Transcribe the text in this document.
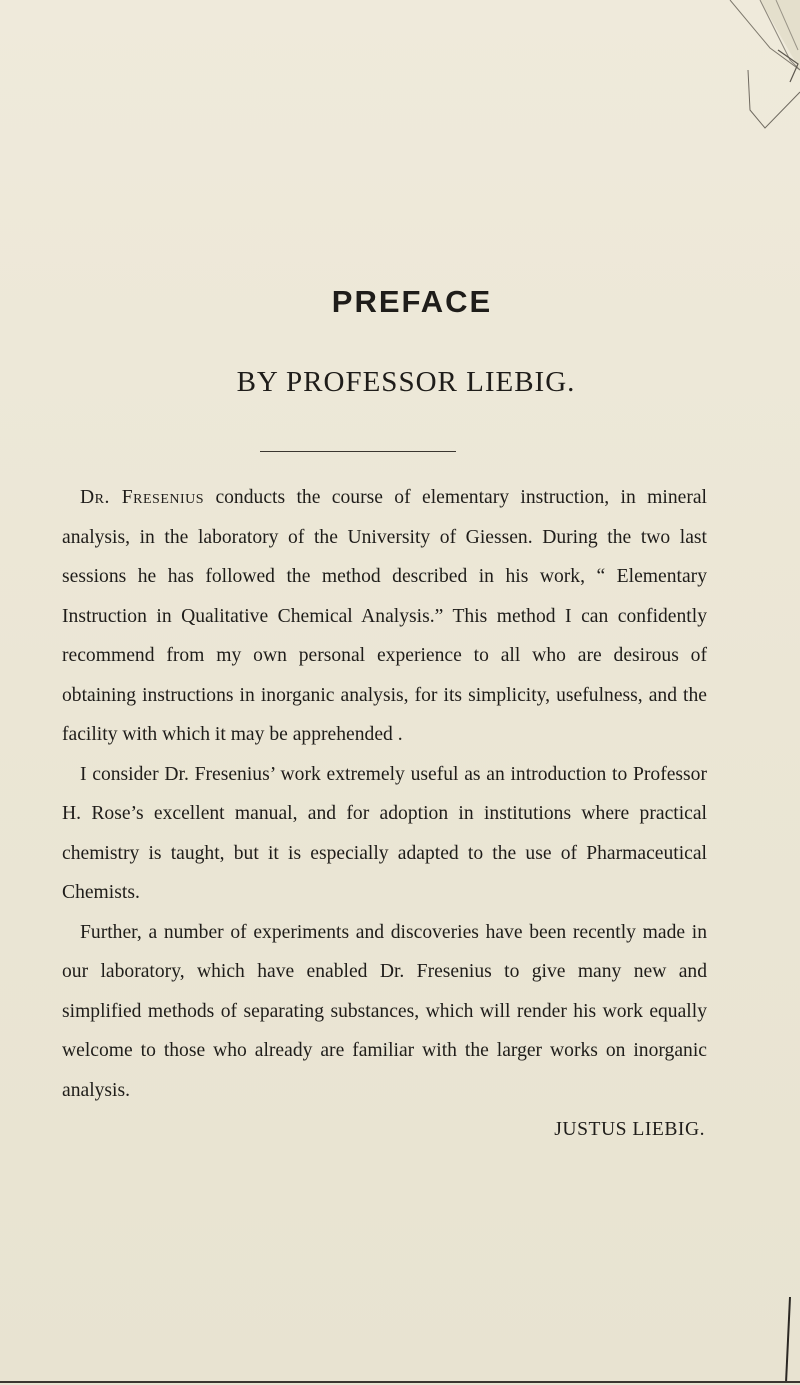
PREFACE
BY PROFESSOR LIEBIG.

Dr. Fresenius conducts the course of elementary instruction, in mineral analysis, in the laboratory of the University of Giessen. During the two last sessions he has followed the method described in his work, “ Elementary Instruction in Qualitative Chemical Analysis.” This method I can confidently recommend from my own personal experience to all who are desirous of obtaining instructions in inorganic analysis, for its simplicity, usefulness, and the facility with which it may be apprehended .

I consider Dr. Fresenius’ work extremely useful as an introduction to Professor H. Rose’s excellent manual, and for adoption in institutions where practical chemistry is taught, but it is especially adapted to the use of Pharmaceutical Chemists.

Further, a number of experiments and discoveries have been recently made in our laboratory, which have enabled Dr. Fresenius to give many new and simplified methods of separating substances, which will render his work equally welcome to those who already are familiar with the larger works on inorganic analysis.

JUSTUS LIEBIG.
